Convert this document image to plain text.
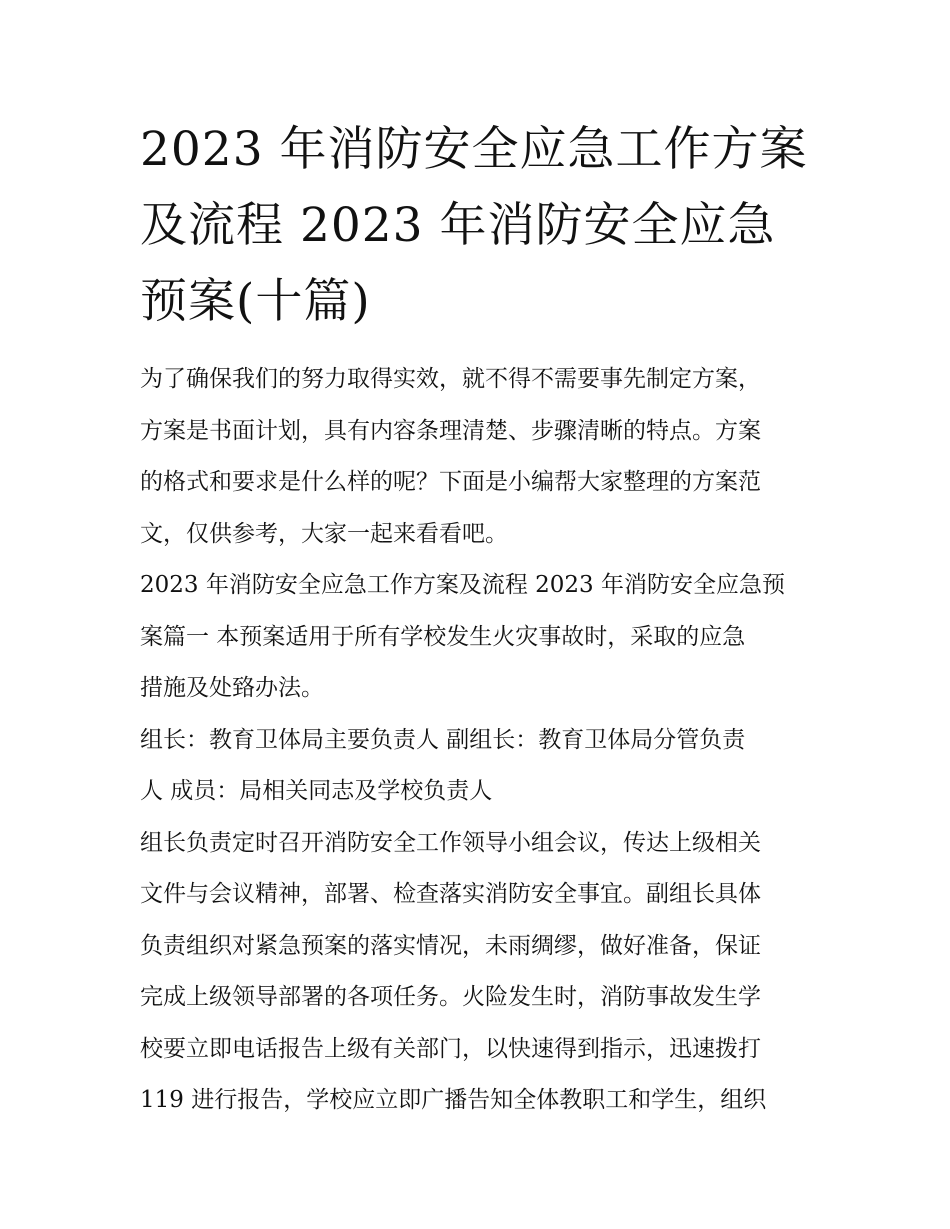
2023 年消防安全应急工作方案
及流程 2023 年消防安全应急
预案(十篇)

为了确保我们的努力取得实效，就不得不需要事先制定方案，
方案是书面计划，具有内容条理清楚、步骤清晰的特点。方案
的格式和要求是什么样的呢？下面是小编帮大家整理的方案范
文，仅供参考，大家一起来看看吧。

2023 年消防安全应急工作方案及流程 2023 年消防安全应急预
案篇一 本预案适用于所有学校发生火灾事故时，采取的应急
措施及处臵办法。

组长：教育卫体局主要负责人 副组长：教育卫体局分管负责
人 成员：局相关同志及学校负责人

组长负责定时召开消防安全工作领导小组会议，传达上级相关
文件与会议精神，部署、检查落实消防安全事宜。副组长具体
负责组织对紧急预案的落实情况，未雨绸缪，做好准备，保证
完成上级领导部署的各项任务。火险发生时，消防事故发生学
校要立即电话报告上级有关部门，以快速得到指示，迅速拨打
119 进行报告，学校应立即广播告知全体教职工和学生，组织
